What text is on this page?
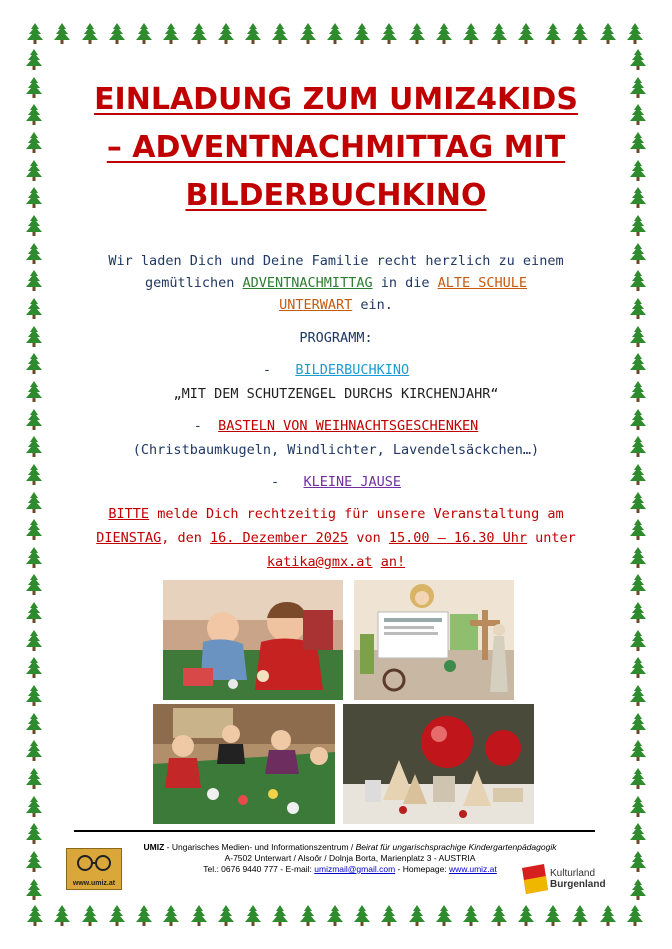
EINLADUNG ZUM UMIZ4KIDS
– ADVENTNACHMITTAG MIT
BILDERBUCHKINO
Wir laden Dich und Deine Familie recht herzlich zu einem
gemütlichen ADVENTNACHMITTAG in die ALTE SCHULE
UNTERWART ein.
PROGRAMM:
- BILDERBUCHKINO
„MIT DEM SCHUTZENGEL DURCHS KIRCHENJAHR“
- BASTELN VON WEIHNACHTSGESCHENKEN
(Christbaumkugeln, Windlichter, Lavendelsäckchen…)
- KLEINE JAUSE
BITTE melde Dich rechtzeitig für unsere Veranstaltung am
DIENSTAG, den 16. Dezember 2025 von 15.00 – 16.30 Uhr unter
katika@gmx.at an!
www.umiz.at
UMIZ - Ungarisches Medien- und Informationszentrum / Beirat für ungarischsprachige Kindergartenpädagogik
A-7502 Unterwart / Alsoőr / Dolnja Borta, Marienplatz 3 - AUSTRIA
Tel.: 0676 9440 777 - E-mail: umizmail@gmail.com - Homepage: www.umiz.at	Kulturland
Burgenland
